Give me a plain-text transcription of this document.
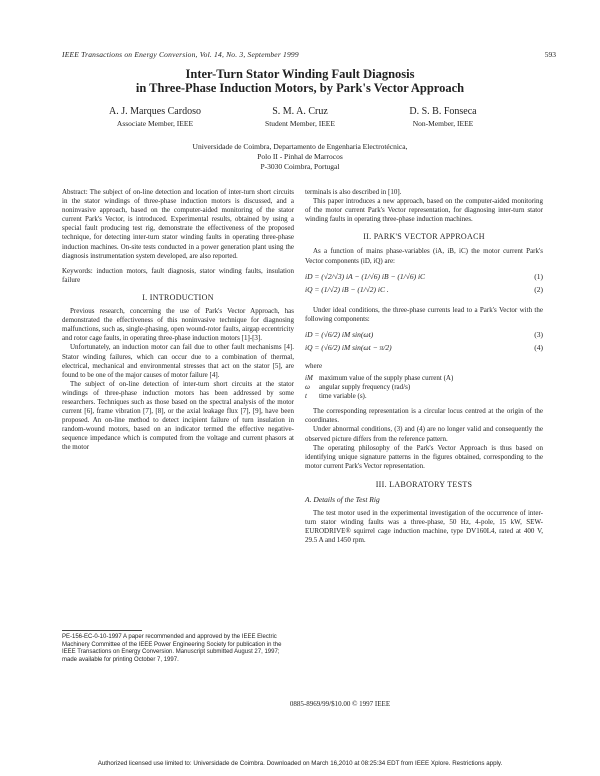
IEEE Transactions on Energy Conversion, Vol. 14, No. 3, September 1999	593
Inter-Turn Stator Winding Fault Diagnosis
in Three-Phase Induction Motors, by Park's Vector Approach
A. J. Marques Cardoso
Associate Member, IEEE
S. M. A. Cruz
Student Member, IEEE
D. S. B. Fonseca
Non-Member, IEEE
Universidade de Coimbra, Departamento de Engenharia Electrotécnica,
Polo II - Pinhal de Marrocos
P-3030 Coimbra, Portugal

Abstract: The subject of on-line detection and location of inter-turn short circuits in the stator windings of three-phase induction motors is discussed, and a noninvasive approach, based on the computer-aided monitoring of the stator current Park's Vector, is introduced. Experimental results, obtained by using a special fault producing test rig, demonstrate the effectiveness of the proposed technique, for detecting inter-turn stator winding faults in operating three-phase induction machines. On-site tests conducted in a power generation plant using the diagnosis instrumentation system developed, are also reported.

Keywords: induction motors, fault diagnosis, stator winding faults, insulation failure

I. INTRODUCTION

Previous research, concerning the use of Park's Vector Approach, has demonstrated the effectiveness of this noninvasive technique for diagnosing malfunctions, such as, single-phasing, open wound-rotor faults, airgap eccentricity and rotor cage faults, in operating three-phase induction motors [1]-[3].

Unfortunately, an induction motor can fail due to other fault mechanisms [4]. Stator winding failures, which can occur due to a combination of thermal, electrical, mechanical and environmental stresses that act on the stator [5], are found to be one of the major causes of motor failure [4].

The subject of on-line detection of inter-turn short circuits at the stator windings of three-phase induction motors has been addressed by some researchers. Techniques such as those based on the spectral analysis of the motor current [6], frame vibration [7], [8], or the axial leakage flux [7], [9], have been proposed. An on-line method to detect incipient failure of turn insulation in random-wound motors, based on an indicator termed the effective negative-sequence impedance which is computed from the voltage and current phasors at the motor

PE-156-EC-0-10-1997 A paper recommended and approved by the IEEE Electric Machinery Committee of the IEEE Power Engineering Society for publication in the IEEE Transactions on Energy Conversion. Manuscript submitted August 27, 1997; made available for printing October 7, 1997.

terminals is also described in [10].

This paper introduces a new approach, based on the computer-aided monitoring of the motor current Park's Vector representation, for diagnosing inter-turn stator winding faults in operating three-phase induction machines.

II. PARK'S VECTOR APPROACH

As a function of mains phase-variables (iA, iB, iC) the motor current Park's Vector components (iD, iQ) are:

iD = (√2/√3) iA − (1/√6) iB − (1/√6) iC	(1)
iQ = (1/√2) iB − (1/√2) iC .	(2)

Under ideal conditions, the three-phase currents lead to a Park's Vector with the following components:

iD = (√6/2) iM sin(ωt)	(3)
iQ = (√6/2) iM sin(ωt − π/2)	(4)

where

iM maximum value of the supply phase current (A)
ω angular supply frequency (rad/s)
t time variable (s).

The corresponding representation is a circular locus centred at the origin of the coordinates.

Under abnormal conditions, (3) and (4) are no longer valid and consequently the observed picture differs from the reference pattern.

The operating philosophy of the Park's Vector Approach is thus based on identifying unique signature patterns in the figures obtained, corresponding to the motor current Park's Vector representation.

III. LABORATORY TESTS
A. Details of the Test Rig

The test motor used in the experimental investigation of the occurrence of inter-turn stator winding faults was a three-phase, 50 Hz, 4-pole, 15 kW, SEW-EURODRIVE® squirrel cage induction machine, type DV160L4, rated at 400 V, 29.5 A and 1450 rpm.

0885-8969/99/$10.00 © 1997 IEEE
Authorized licensed use limited to: Universidade de Coimbra. Downloaded on March 16,2010 at 08:25:34 EDT from IEEE Xplore. Restrictions apply.
